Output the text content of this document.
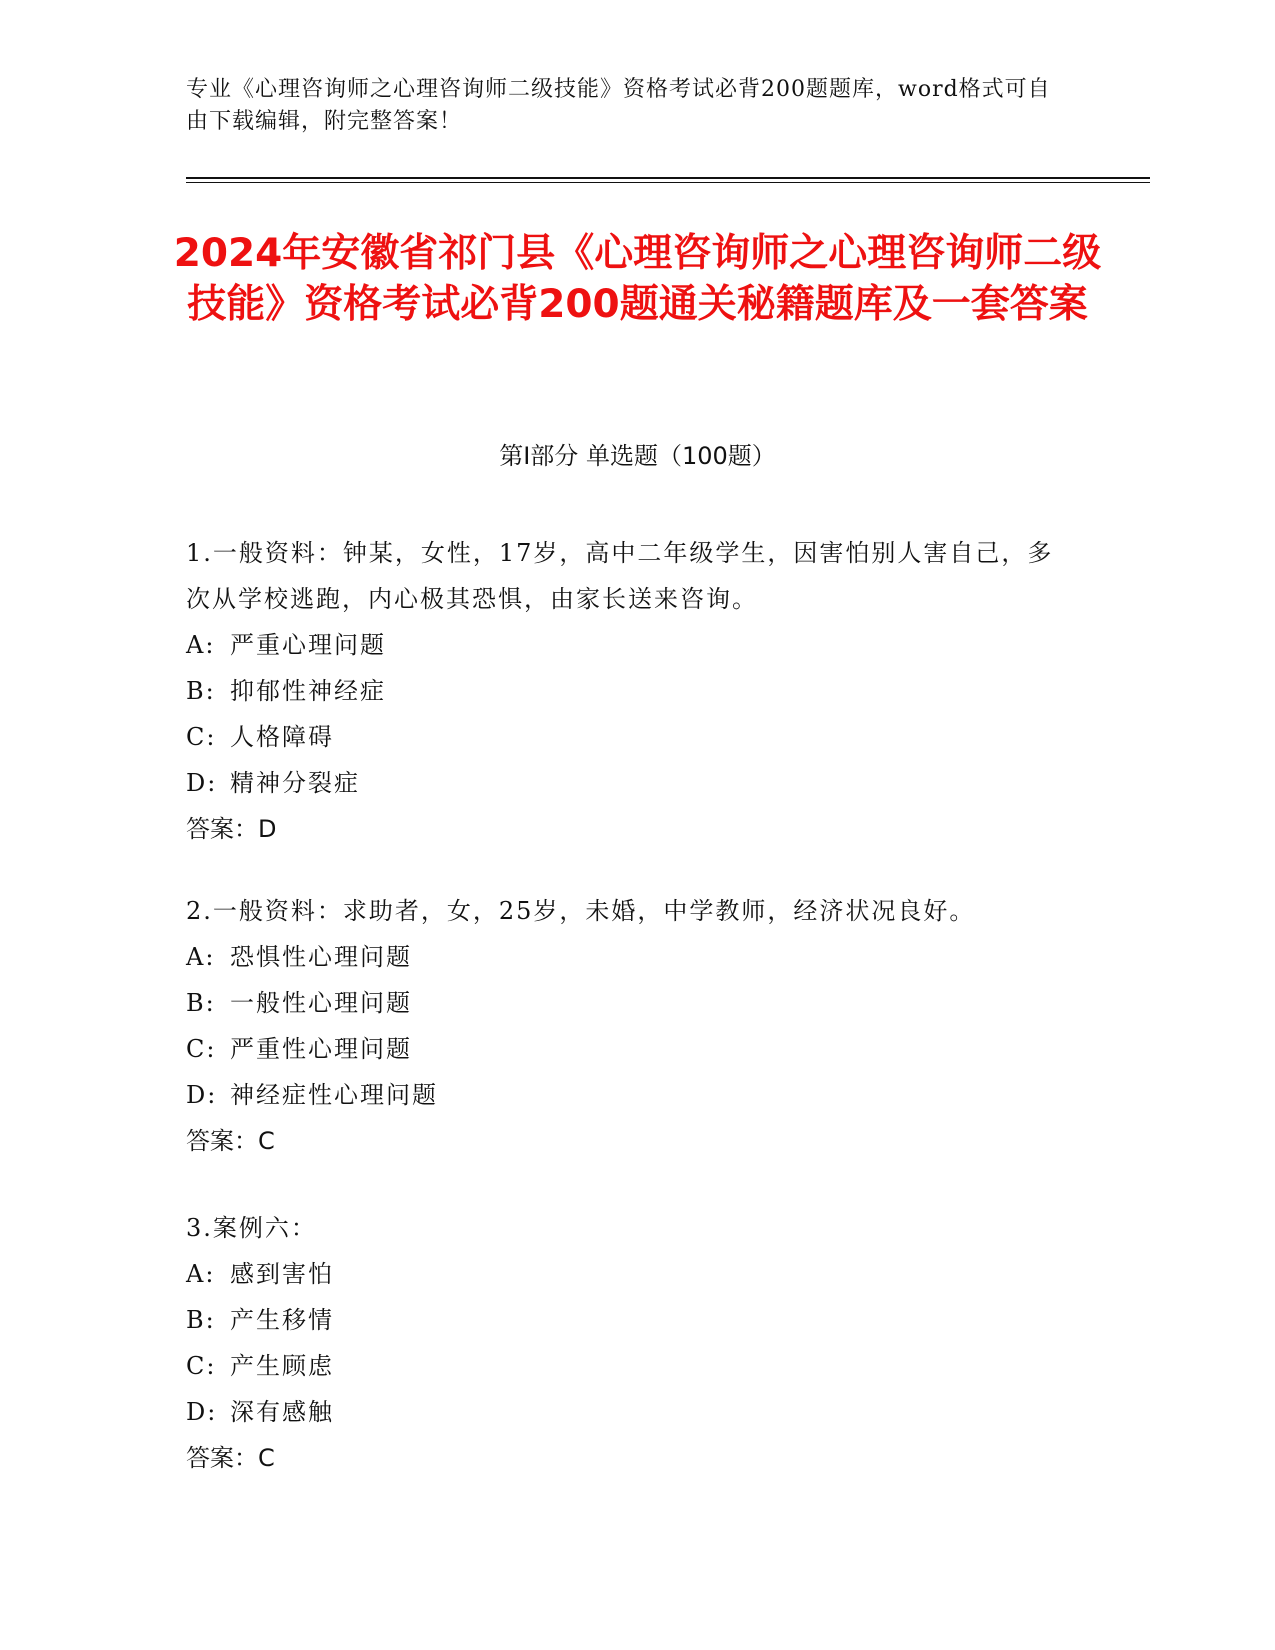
专业《心理咨询师之心理咨询师二级技能》资格考试必背200题题库，word格式可自由下载编辑，附完整答案！
2024年安徽省祁门县《心理咨询师之心理咨询师二级技能》资格考试必背200题通关秘籍题库及一套答案
第I部分 单选题（100题）
1.一般资料：钟某，女性，17岁，高中二年级学生，因害怕别人害自己，多次从学校逃跑，内心极其恐惧，由家长送来咨询。
A: 严重心理问题
B: 抑郁性神经症
C: 人格障碍
D: 精神分裂症
答案：D
2.一般资料：求助者，女，25岁，未婚，中学教师，经济状况良好。
A: 恐惧性心理问题
B: 一般性心理问题
C: 严重性心理问题
D: 神经症性心理问题
答案：C
3.案例六：
A: 感到害怕
B: 产生移情
C: 产生顾虑
D: 深有感触
答案：C
